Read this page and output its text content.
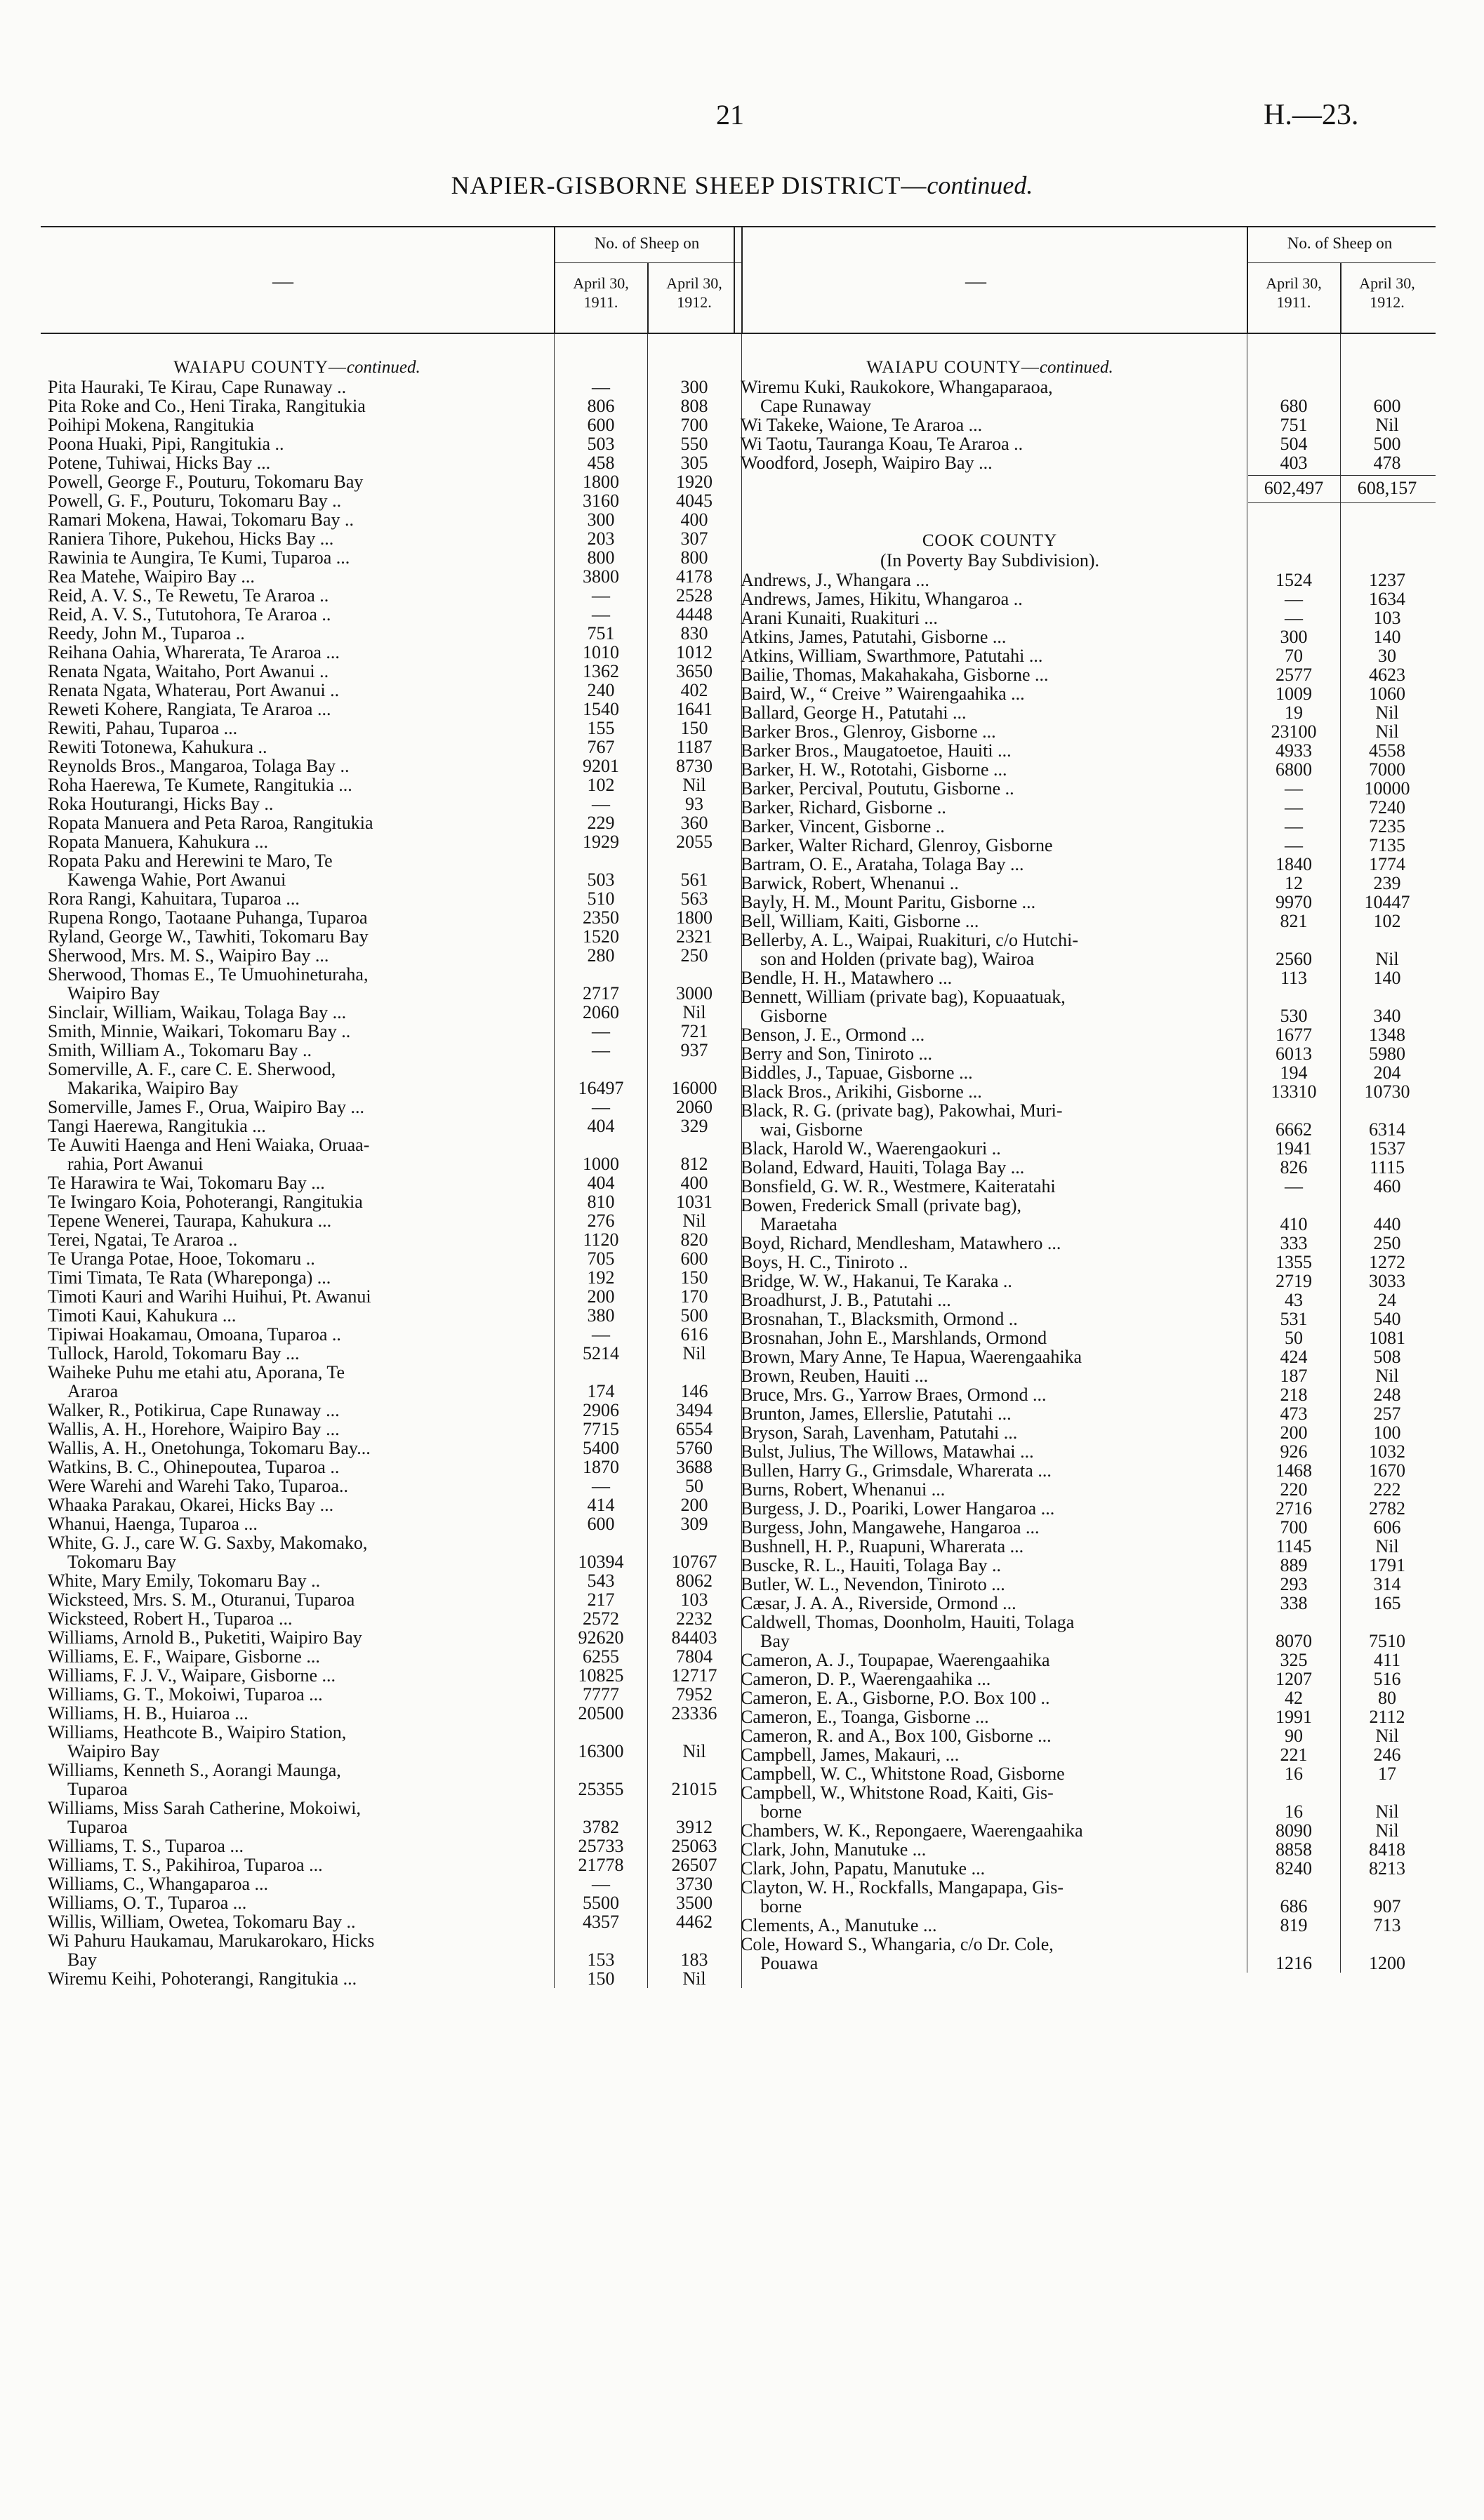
21	H.—23.
NAPIER-GISBORNE SHEEP DISTRICT—continued.
—
No. of Sheep on
April 30,
1911.
April 30,
1912.
WAIAPU COUNTY—continued.
Pita Hauraki, Te Kirau, Cape Runaway ..	—	300
Pita Roke and Co., Heni Tiraka, Rangitukia	806	808
Poihipi Mokena, Rangitukia	600	700
Poona Huaki, Pipi, Rangitukia ..	503	550
Potene, Tuhiwai, Hicks Bay ...	458	305
Powell, George F., Pouturu, Tokomaru Bay	1800	1920
Powell, G. F., Pouturu, Tokomaru Bay ..	3160	4045
Ramari Mokena, Hawai, Tokomaru Bay ..	300	400
Raniera Tihore, Pukehou, Hicks Bay ...	203	307
Rawinia te Aungira, Te Kumi, Tuparoa ...	800	800
Rea Matehe, Waipiro Bay ...	3800	4178
Reid, A. V. S., Te Rewetu, Te Araroa ..	—	2528
Reid, A. V. S., Tututohora, Te Araroa ..	—	4448
Reedy, John M., Tuparoa ..	751	830
Reihana Oahia, Wharerata, Te Araroa ...	1010	1012
Renata Ngata, Waitaho, Port Awanui ..	1362	3650
Renata Ngata, Whaterau, Port Awanui ..	240	402
Reweti Kohere, Rangiata, Te Araroa ...	1540	1641
Rewiti, Pahau, Tuparoa ...	155	150
Rewiti Totonewa, Kahukura ..	767	1187
Reynolds Bros., Mangaroa, Tolaga Bay ..	9201	8730
Roha Haerewa, Te Kumete, Rangitukia ...	102	Nil
Roka Houturangi, Hicks Bay ..	—	93
Ropata Manuera and Peta Raroa, Rangitukia	229	360
Ropata Manuera, Kahukura ...	1929	2055
Ropata Paku and Herewini te Maro, Te
Kawenga Wahie, Port Awanui	503	561
Rora Rangi, Kahuitara, Tuparoa ...	510	563
Rupena Rongo, Taotaane Puhanga, Tuparoa	2350	1800
Ryland, George W., Tawhiti, Tokomaru Bay	1520	2321
Sherwood, Mrs. M. S., Waipiro Bay ...	280	250
Sherwood, Thomas E., Te Umuohineturaha,
Waipiro Bay	2717	3000
Sinclair, William, Waikau, Tolaga Bay ...	2060	Nil
Smith, Minnie, Waikari, Tokomaru Bay ..	—	721
Smith, William A., Tokomaru Bay ..	—	937
Somerville, A. F., care C. E. Sherwood,
Makarika, Waipiro Bay	16497	16000
Somerville, James F., Orua, Waipiro Bay ...	—	2060
Tangi Haerewa, Rangitukia ...	404	329
Te Auwiti Haenga and Heni Waiaka, Oruaa-
rahia, Port Awanui	1000	812
Te Harawira te Wai, Tokomaru Bay ...	404	400
Te Iwingaro Koia, Pohoterangi, Rangitukia	810	1031
Tepene Wenerei, Taurapa, Kahukura ...	276	Nil
Terei, Ngatai, Te Araroa ..	1120	820
Te Uranga Potae, Hooe, Tokomaru ..	705	600
Timi Timata, Te Rata (Whareponga) ...	192	150
Timoti Kauri and Warihi Huihui, Pt. Awanui	200	170
Timoti Kaui, Kahukura ...	380	500
Tipiwai Hoakamau, Omoana, Tuparoa ..	—	616
Tullock, Harold, Tokomaru Bay ...	5214	Nil
Waiheke Puhu me etahi atu, Aporana, Te
Araroa	174	146
Walker, R., Potikirua, Cape Runaway ...	2906	3494
Wallis, A. H., Horehore, Waipiro Bay ...	7715	6554
Wallis, A. H., Onetohunga, Tokomaru Bay...	5400	5760
Watkins, B. C., Ohinepoutea, Tuparoa ..	1870	3688
Were Warehi and Warehi Tako, Tuparoa..	—	50
Whaaka Parakau, Okarei, Hicks Bay ...	414	200
Whanui, Haenga, Tuparoa ...	600	309
White, G. J., care W. G. Saxby, Makomako,
Tokomaru Bay	10394	10767
White, Mary Emily, Tokomaru Bay ..	543	8062
Wicksteed, Mrs. S. M., Oturanui, Tuparoa	217	103
Wicksteed, Robert H., Tuparoa ...	2572	2232
Williams, Arnold B., Puketiti, Waipiro Bay	92620	84403
Williams, E. F., Waipare, Gisborne ...	6255	7804
Williams, F. J. V., Waipare, Gisborne ...	10825	12717
Williams, G. T., Mokoiwi, Tuparoa ...	7777	7952
Williams, H. B., Huiaroa ...	20500	23336
Williams, Heathcote B., Waipiro Station,
Waipiro Bay	16300	Nil
Williams, Kenneth S., Aorangi Maunga,
Tuparoa	25355	21015
Williams, Miss Sarah Catherine, Mokoiwi,
Tuparoa	3782	3912
Williams, T. S., Tuparoa ...	25733	25063
Williams, T. S., Pakihiroa, Tuparoa ...	21778	26507
Williams, C., Whangaparoa ...	—	3730
Williams, O. T., Tuparoa ...	5500	3500
Willis, William, Owetea, Tokomaru Bay ..	4357	4462
Wi Pahuru Haukamau, Marukarokaro, Hicks
Bay	153	183
Wiremu Keihi, Pohoterangi, Rangitukia ...	150	Nil
—
No. of Sheep on
April 30,
1911.
April 30,
1912.
WAIAPU COUNTY—continued.
Wiremu Kuki, Raukokore, Whangaparaoa,
Cape Runaway	680	600
Wi Takeke, Waione, Te Araroa ...	751	Nil
Wi Taotu, Tauranga Koau, Te Araroa ..	504	500
Woodford, Joseph, Waipiro Bay ...	403	478
602,497	608,157
COOK COUNTY
(In Poverty Bay Subdivision).
Andrews, J., Whangara ...	1524	1237
Andrews, James, Hikitu, Whangaroa ..	—	1634
Arani Kunaiti, Ruakituri ...	—	103
Atkins, James, Patutahi, Gisborne ...	300	140
Atkins, William, Swarthmore, Patutahi ...	70	30
Bailie, Thomas, Makahakaha, Gisborne ...	2577	4623
Baird, W., “ Creive ” Wairengaahika ...	1009	1060
Ballard, George H., Patutahi ...	19	Nil
Barker Bros., Glenroy, Gisborne ...	23100	Nil
Barker Bros., Maugatoetoe, Hauiti ...	4933	4558
Barker, H. W., Rototahi, Gisborne ...	6800	7000
Barker, Percival, Poututu, Gisborne ..	—	10000
Barker, Richard, Gisborne ..	—	7240
Barker, Vincent, Gisborne ..	—	7235
Barker, Walter Richard, Glenroy, Gisborne	—	7135
Bartram, O. E., Arataha, Tolaga Bay ...	1840	1774
Barwick, Robert, Whenanui ..	12	239
Bayly, H. M., Mount Paritu, Gisborne ...	9970	10447
Bell, William, Kaiti, Gisborne ...	821	102
Bellerby, A. L., Waipai, Ruakituri, c/o Hutchi-
son and Holden (private bag), Wairoa	2560	Nil
Bendle, H. H., Matawhero ...	113	140
Bennett, William (private bag), Kopuaatuak,
Gisborne	530	340
Benson, J. E., Ormond ...	1677	1348
Berry and Son, Tiniroto ...	6013	5980
Biddles, J., Tapuae, Gisborne ...	194	204
Black Bros., Arikihi, Gisborne ...	13310	10730
Black, R. G. (private bag), Pakowhai, Muri-
wai, Gisborne	6662	6314
Black, Harold W., Waerengaokuri ..	1941	1537
Boland, Edward, Hauiti, Tolaga Bay ...	826	1115
Bonsfield, G. W. R., Westmere, Kaiteratahi	—	460
Bowen, Frederick Small (private bag),
Maraetaha	410	440
Boyd, Richard, Mendlesham, Matawhero ...	333	250
Boys, H. C., Tiniroto ..	1355	1272
Bridge, W. W., Hakanui, Te Karaka ..	2719	3033
Broadhurst, J. B., Patutahi ...	43	24
Brosnahan, T., Blacksmith, Ormond ..	531	540
Brosnahan, John E., Marshlands, Ormond	50	1081
Brown, Mary Anne, Te Hapua, Waerengaahika	424	508
Brown, Reuben, Hauiti ...	187	Nil
Bruce, Mrs. G., Yarrow Braes, Ormond ...	218	248
Brunton, James, Ellerslie, Patutahi ...	473	257
Bryson, Sarah, Lavenham, Patutahi ...	200	100
Bulst, Julius, The Willows, Matawhai ...	926	1032
Bullen, Harry G., Grimsdale, Wharerata ...	1468	1670
Burns, Robert, Whenanui ...	220	222
Burgess, J. D., Poariki, Lower Hangaroa ...	2716	2782
Burgess, John, Mangawehe, Hangaroa ...	700	606
Bushnell, H. P., Ruapuni, Wharerata ...	1145	Nil
Buscke, R. L., Hauiti, Tolaga Bay ..	889	1791
Butler, W. L., Nevendon, Tiniroto ...	293	314
Cæsar, J. A. A., Riverside, Ormond ...	338	165
Caldwell, Thomas, Doonholm, Hauiti, Tolaga
Bay	8070	7510
Cameron, A. J., Toupapae, Waerengaahika	325	411
Cameron, D. P., Waerengaahika ...	1207	516
Cameron, E. A., Gisborne, P.O. Box 100 ..	42	80
Cameron, E., Toanga, Gisborne ...	1991	2112
Cameron, R. and A., Box 100, Gisborne ...	90	Nil
Campbell, James, Makauri, ...	221	246
Campbell, W. C., Whitstone Road, Gisborne	16	17
Campbell, W., Whitstone Road, Kaiti, Gis-
borne	16	Nil
Chambers, W. K., Repongaere, Waerengaahika	8090	Nil
Clark, John, Manutuke ...	8858	8418
Clark, John, Papatu, Manutuke ...	8240	8213
Clayton, W. H., Rockfalls, Mangapapa, Gis-
borne	686	907
Clements, A., Manutuke ...	819	713
Cole, Howard S., Whangaria, c/o Dr. Cole,
Pouawa	1216	1200
